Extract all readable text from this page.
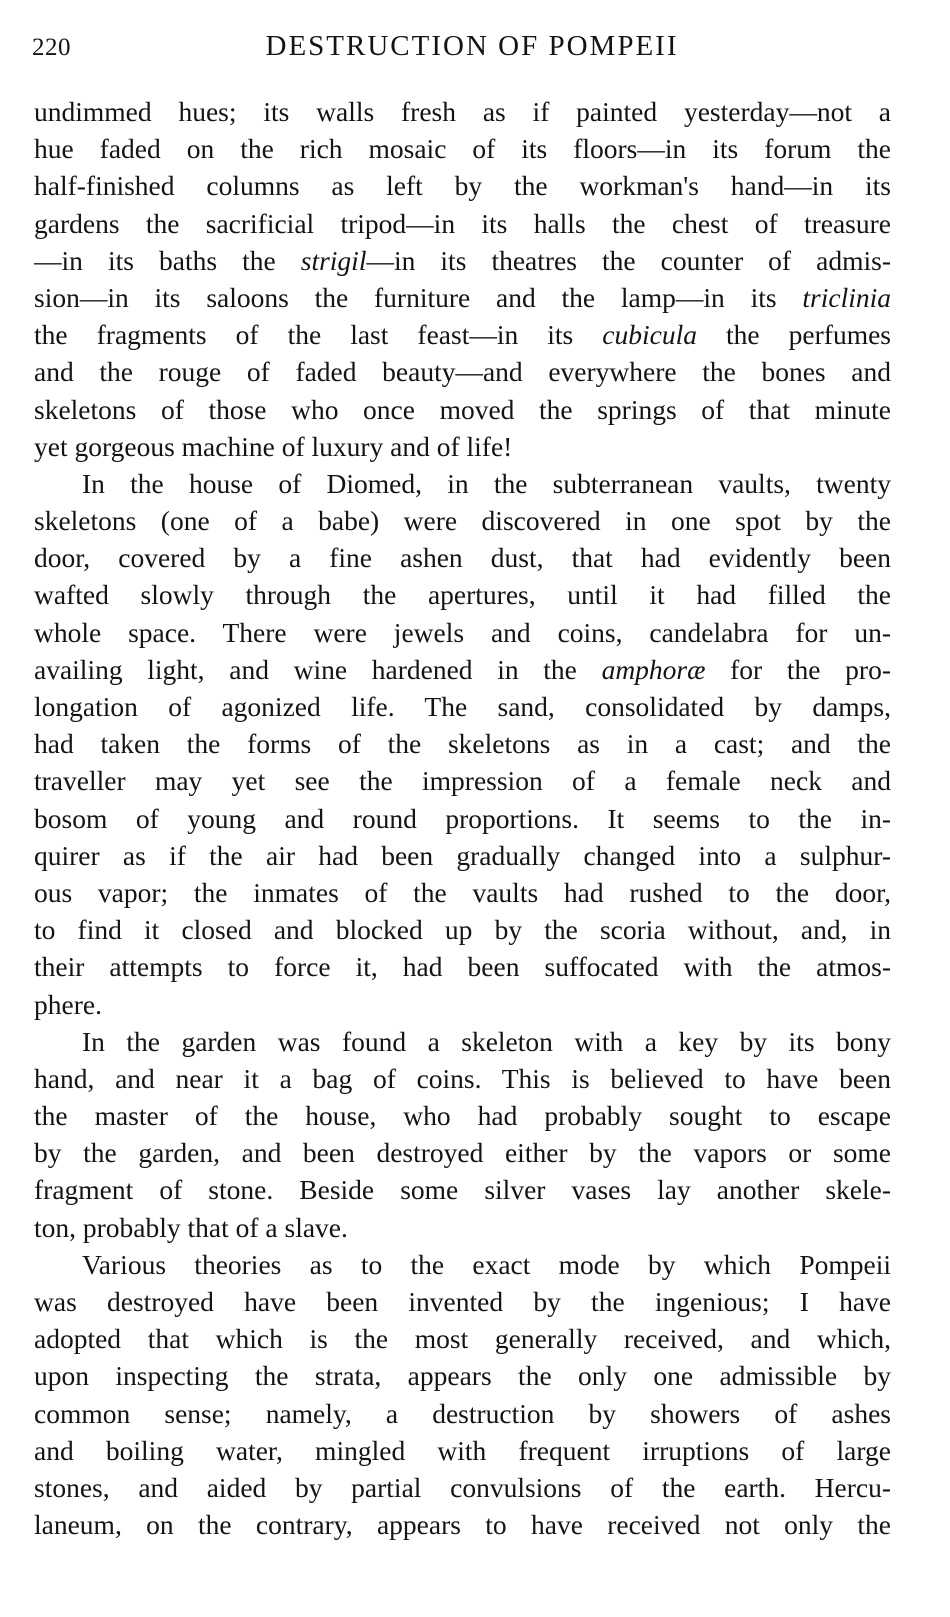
220	DESTRUCTION OF POMPEII
undimmed hues; its walls fresh as if painted yesterday—not a
hue faded on the rich mosaic of its floors—in its forum the
half-finished columns as left by the workman's hand—in its
gardens the sacrificial tripod—in its halls the chest of treasure
—in its baths the strigil—in its theatres the counter of admis-
sion—in its saloons the furniture and the lamp—in its triclinia
the fragments of the last feast—in its cubicula the perfumes
and the rouge of faded beauty—and everywhere the bones and
skeletons of those who once moved the springs of that minute
yet gorgeous machine of luxury and of life!
In the house of Diomed, in the subterranean vaults, twenty
skeletons (one of a babe) were discovered in one spot by the
door, covered by a fine ashen dust, that had evidently been
wafted slowly through the apertures, until it had filled the
whole space. There were jewels and coins, candelabra for un-
availing light, and wine hardened in the amphoræ for the pro-
longation of agonized life. The sand, consolidated by damps,
had taken the forms of the skeletons as in a cast; and the
traveller may yet see the impression of a female neck and
bosom of young and round proportions. It seems to the in-
quirer as if the air had been gradually changed into a sulphur-
ous vapor; the inmates of the vaults had rushed to the door,
to find it closed and blocked up by the scoria without, and, in
their attempts to force it, had been suffocated with the atmos-
phere.
In the garden was found a skeleton with a key by its bony
hand, and near it a bag of coins. This is believed to have been
the master of the house, who had probably sought to escape
by the garden, and been destroyed either by the vapors or some
fragment of stone. Beside some silver vases lay another skele-
ton, probably that of a slave.
Various theories as to the exact mode by which Pompeii
was destroyed have been invented by the ingenious; I have
adopted that which is the most generally received, and which,
upon inspecting the strata, appears the only one admissible by
common sense; namely, a destruction by showers of ashes
and boiling water, mingled with frequent irruptions of large
stones, and aided by partial convulsions of the earth. Hercu-
laneum, on the contrary, appears to have received not only the
